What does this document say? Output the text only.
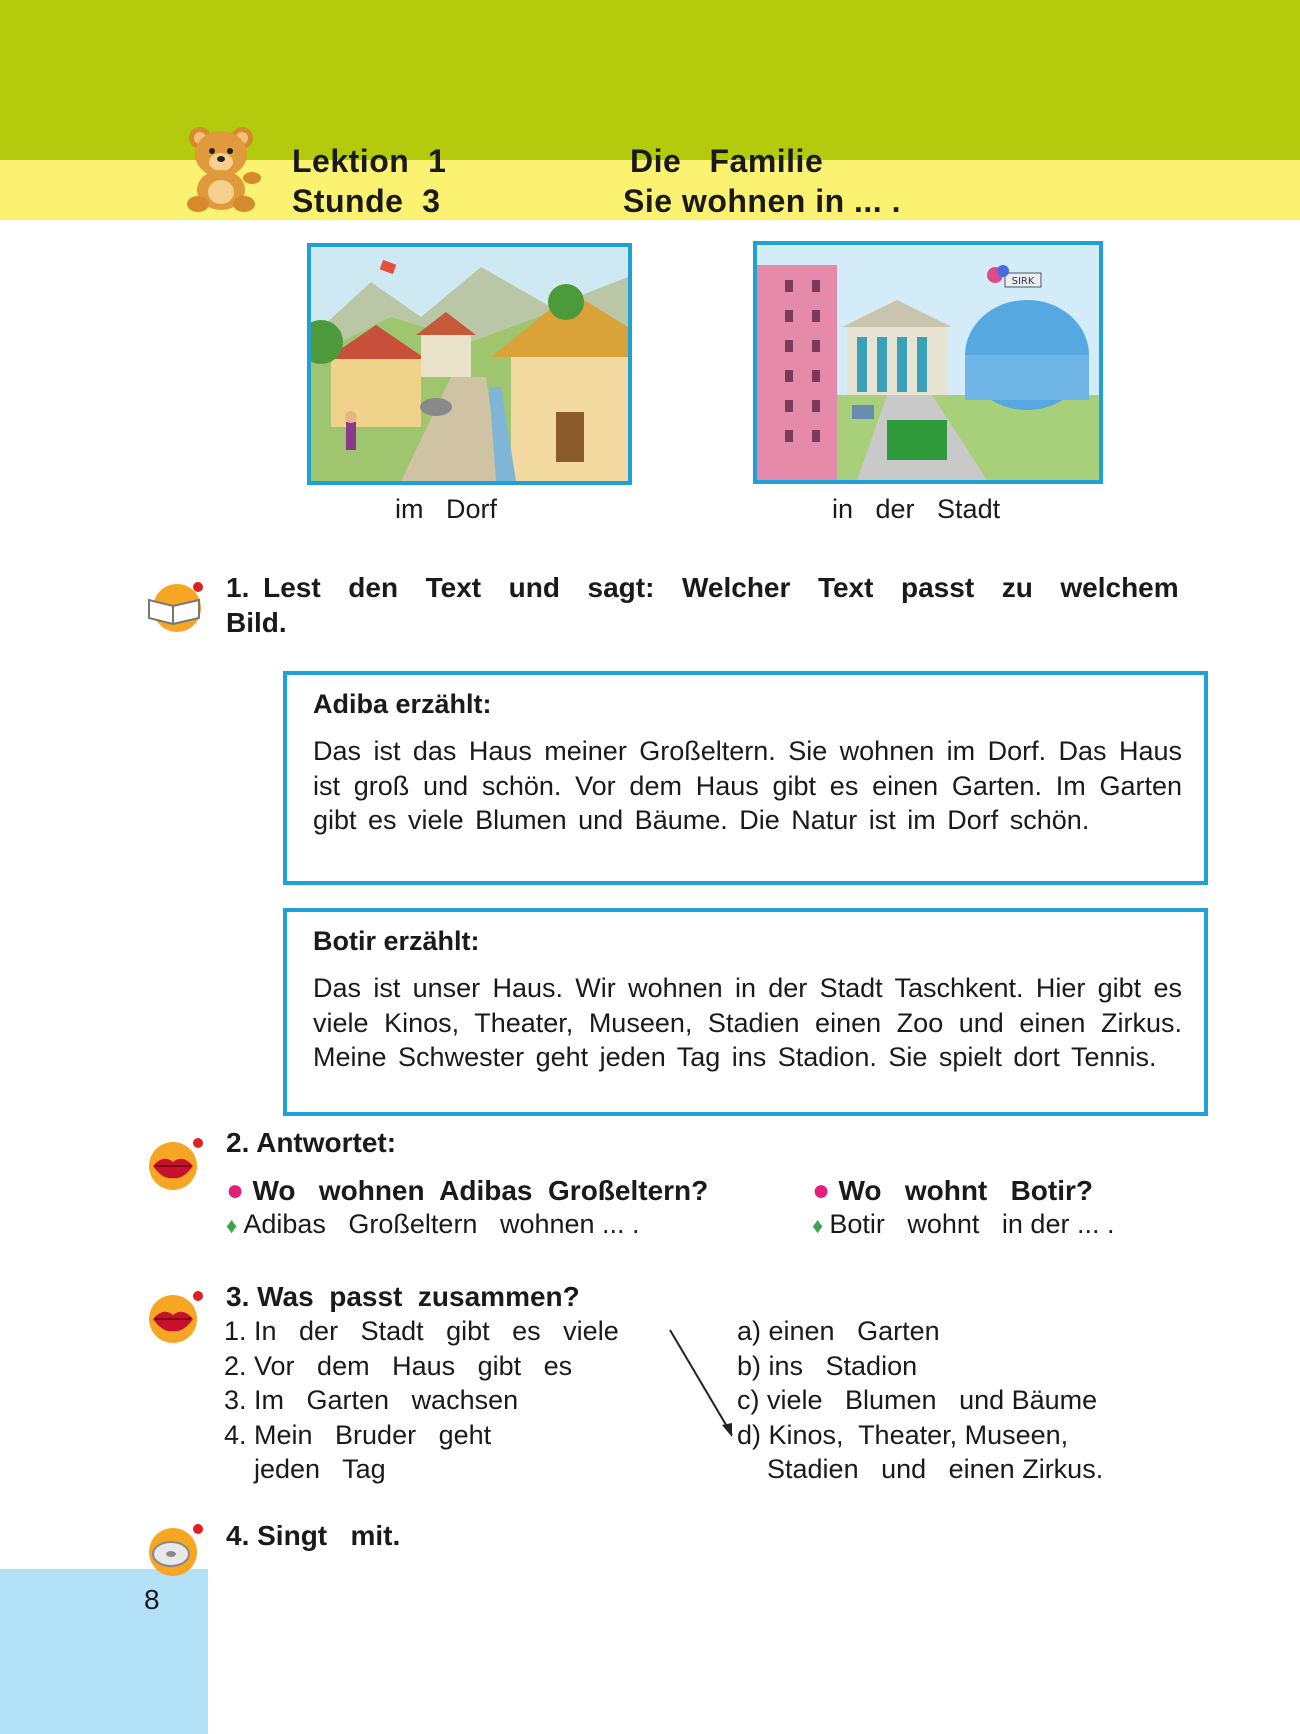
Lektion  1	Die   Familie
Stunde  3	Sie wohnen in ... .
im   Dorf
SIRK
in   der   Stadt
1. Lest  den  Text  und  sagt:  Welcher  Text  passt  zu  welchem
Bild.
Adiba erzählt:
Das ist das Haus meiner Großeltern. Sie wohnen im Dorf. Das Haus ist groß und schön. Vor dem Haus gibt es einen Garten. Im Garten gibt es viele Blumen und Bäume. Die Natur ist im Dorf schön.
Botir erzählt:
Das ist unser Haus. Wir wohnen in der Stadt Taschkent. Hier gibt es viele Kinos, Theater, Museen, Stadien einen Zoo und einen Zirkus. Meine Schwester geht jeden Tag ins Stadion. Sie spielt dort Tennis.
2. Antwortet:
● Wo   wohnen  Adibas  Großeltern?
♦ Adibas   Großeltern   wohnen ... .
● Wo   wohnt   Botir?
♦ Botir   wohnt   in der ... .
3. Was  passt  zusammen?
1. In   der   Stadt   gibt   es   viele
2. Vor   dem   Haus   gibt   es
3. Im   Garten   wachsen
4. Mein   Bruder   geht
jeden   Tag
a) einen   Garten
b) ins   Stadion
c) viele   Blumen   und Bäume
d) Kinos,  Theater, Museen,
Stadien   und   einen Zirkus.
4. Singt   mit.
8
